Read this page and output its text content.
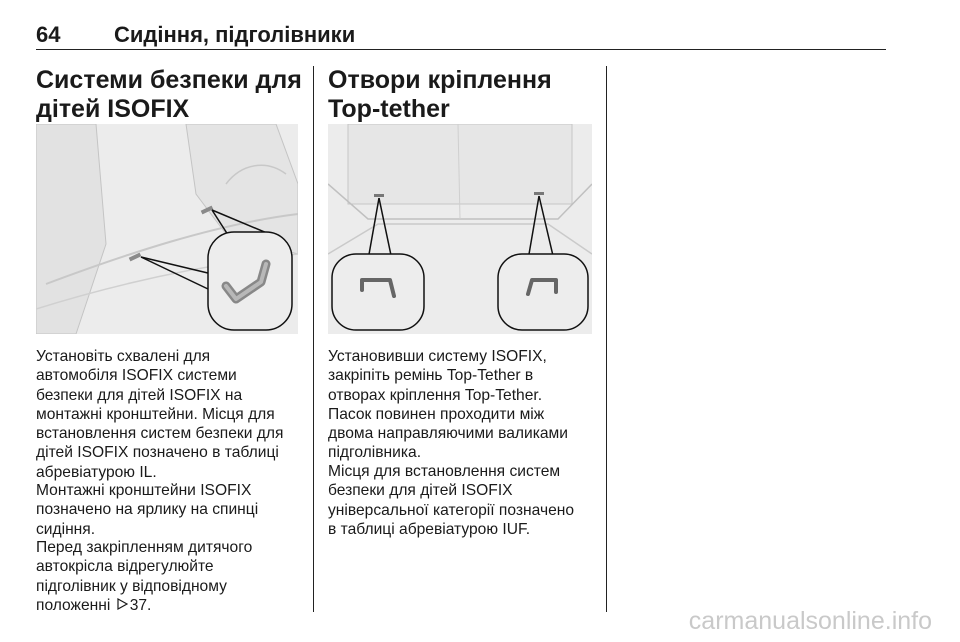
64 Сидіння, підголівники
Системи безпеки для
дітей ISOFIX

Установіть схвалені для
автомобіля ISOFIX системи
безпеки для дітей ISOFIX на
монтажні кронштейни. Місця для
встановлення систем безпеки для
дітей ISOFIX позначено в таблиці
абревіатурою IL.

Монтажні кронштейни ISOFIX
позначено на ярлику на спинці
сидіння.

Перед закріпленням дитячого
автокрісла відрегулюйте
підголівник у відповідному
положенні 37.

Отвори кріплення
Top-tether

Установивши систему ISOFIX,
закріпіть ремінь Top-Tether в
отворах кріплення Top-Tether.
Пасок повинен проходити між
двома направляючими валиками
підголівника.

Місця для встановлення систем
безпеки для дітей ISOFIX
універсальної категорії позначено
в таблиці абревіатурою IUF.

carmanualsonline.info
